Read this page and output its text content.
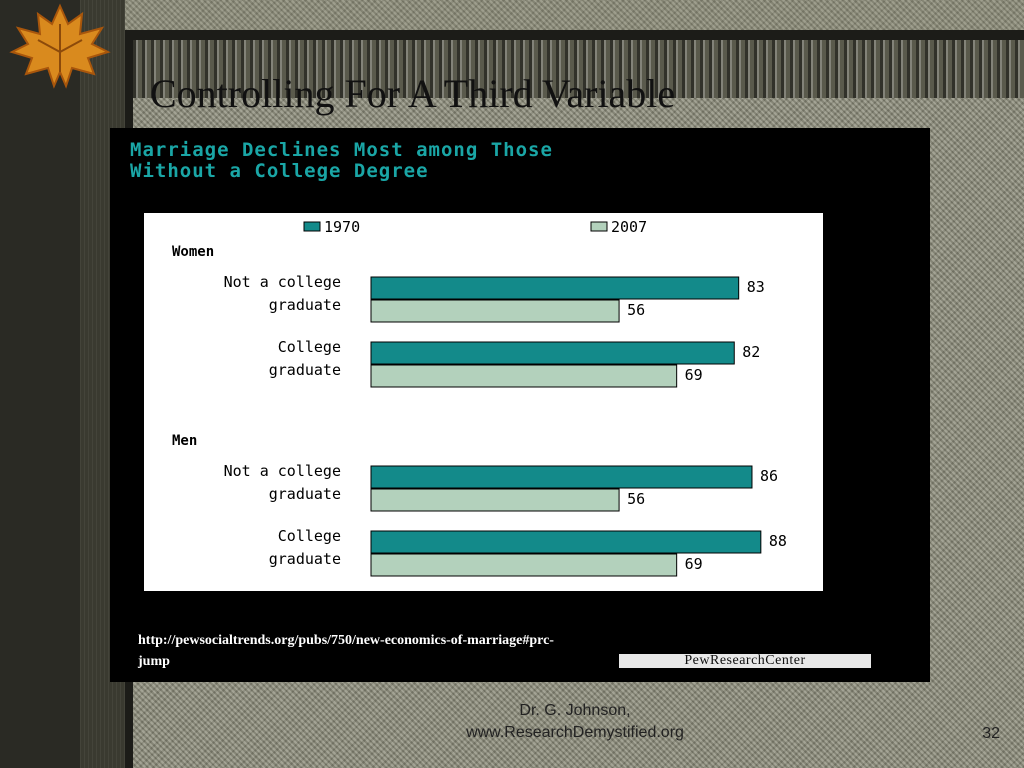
Controlling For A Third Variable
Marriage Declines Most among Those
Without a College Degree
1970	2007
Women
Not a college
graduate
83
56
College
graduate
82
69
Men
Not a college
graduate
86
56
College
graduate
88
69

http://pewsocialtrends.org/pubs/750/new-economics-of-marriage#prc-jump	PewResearchCenter
Dr. G. Johnson,
www.ResearchDemystified.org	32
